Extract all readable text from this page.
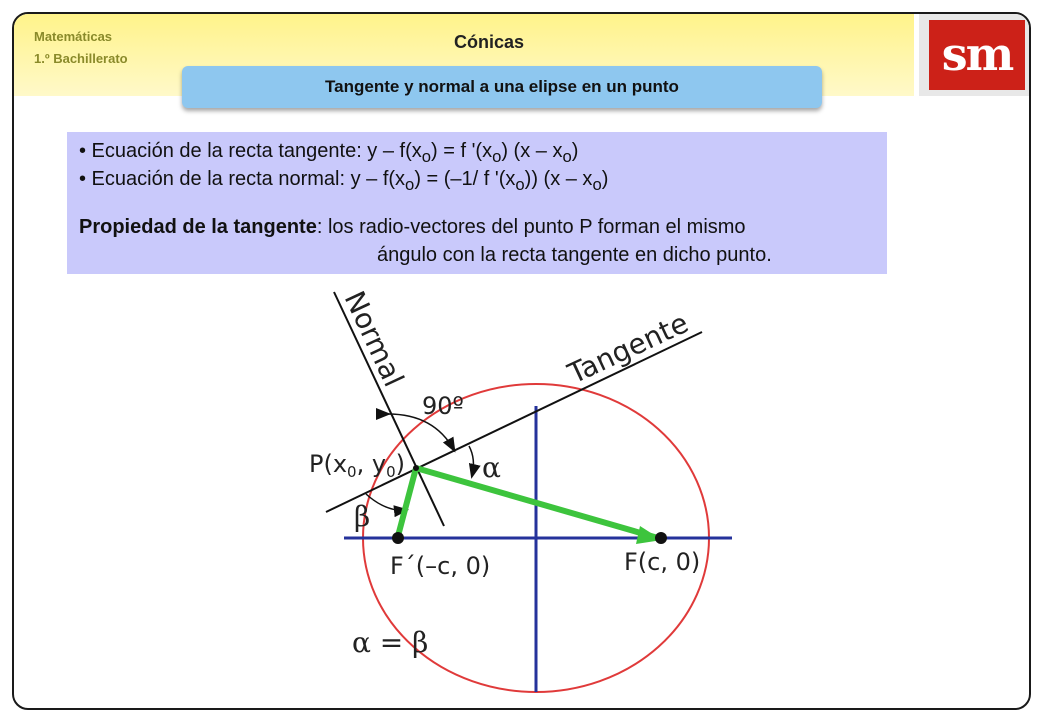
Matemáticas
1.º Bachillerato
Cónicas	sm
Tangente y normal a una elipse en un punto
• Ecuación de la recta tangente: $y - f(x_o) = f$ '$(x_o)$ $(x - x_o)$
• Ecuación de la recta normal: $y - f(x_o) = (-1/$ f '$(x_o)$) $(x - x_o)$
Propiedad de la tangente: los radio-vectores del punto P forman el mismo
ángulo con la recta tangente en dicho punto.
Normal	Tangente
90º
$P(x_0$, $y_0$)	α
β
F´(–c, 0)	F(c, 0)
α = β
